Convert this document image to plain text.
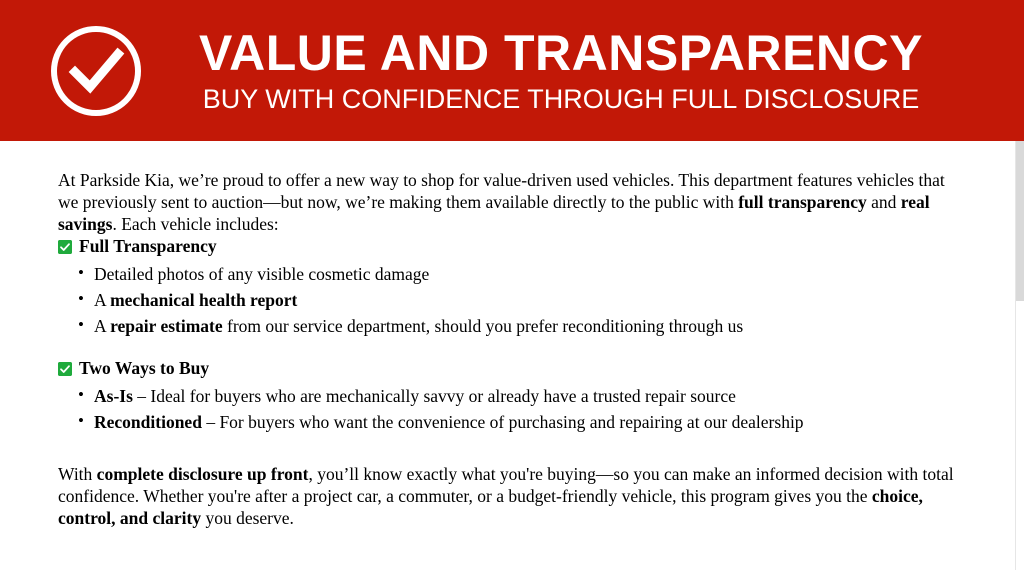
VALUE AND TRANSPARENCY
BUY WITH CONFIDENCE THROUGH FULL DISCLOSURE

At Parkside Kia, we’re proud to offer a new way to shop for value-driven used vehicles. This department features vehicles that we previously sent to auction—but now, we’re making them available directly to the public with full transparency and real savings. Each vehicle includes:

Full Transparency
• Detailed photos of any visible cosmetic damage
• A mechanical health report
• A repair estimate from our service department, should you prefer reconditioning through us
Two Ways to Buy
• As-Is – Ideal for buyers who are mechanically savvy or already have a trusted repair source
• Reconditioned – For buyers who want the convenience of purchasing and repairing at our dealership

With complete disclosure up front, you’ll know exactly what you're buying—so you can make an informed decision with total confidence. Whether you're after a project car, a commuter, or a budget-friendly vehicle, this program gives you the choice, control, and clarity you deserve.
